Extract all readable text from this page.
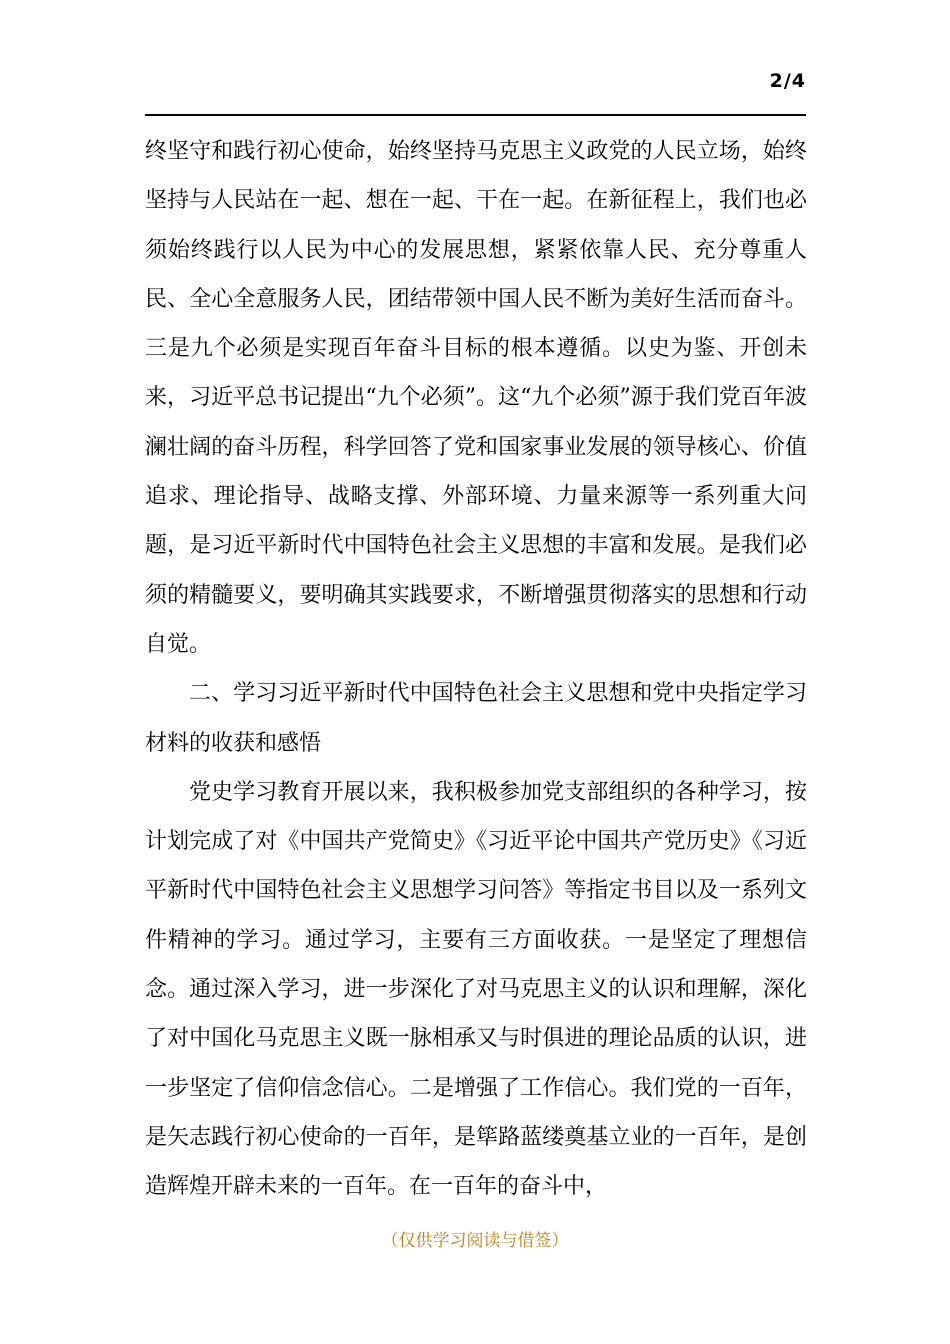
2/4

终坚守和践行初心使命，始终坚持马克思主义政党的人民立场，始终坚持与人民站在一起、想在一起、干在一起。在新征程上，我们也必须始终践行以人民为中心的发展思想，紧紧依靠人民、充分尊重人民、全心全意服务人民，团结带领中国人民不断为美好生活而奋斗。三是九个必须是实现百年奋斗目标的根本遵循。以史为鉴、开创未来，习近平总书记提出“九个必须”。这“九个必须”源于我们党百年波澜壮阔的奋斗历程，科学回答了党和国家事业发展的领导核心、价值追求、理论指导、战略支撑、外部环境、力量来源等一系列重大问题，是习近平新时代中国特色社会主义思想的丰富和发展。是我们必须的精髓要义，要明确其实践要求，不断增强贯彻落实的思想和行动自觉。

二、学习习近平新时代中国特色社会主义思想和党中央指定学习材料的收获和感悟

党史学习教育开展以来，我积极参加党支部组织的各种学习，按计划完成了对《中国共产党简史》《习近平论中国共产党历史》《习近平新时代中国特色社会主义思想学习问答》等指定书目以及一系列文件精神的学习。通过学习，主要有三方面收获。一是坚定了理想信念。通过深入学习，进一步深化了对马克思主义的认识和理解，深化了对中国化马克思主义既一脉相承又与时俱进的理论品质的认识，进一步坚定了信仰信念信心。二是增强了工作信心。我们党的一百年，是矢志践行初心使命的一百年，是筚路蓝缕奠基立业的一百年，是创造辉煌开辟未来的一百年。在一百年的奋斗中，

（仅供学习阅读与借签）
